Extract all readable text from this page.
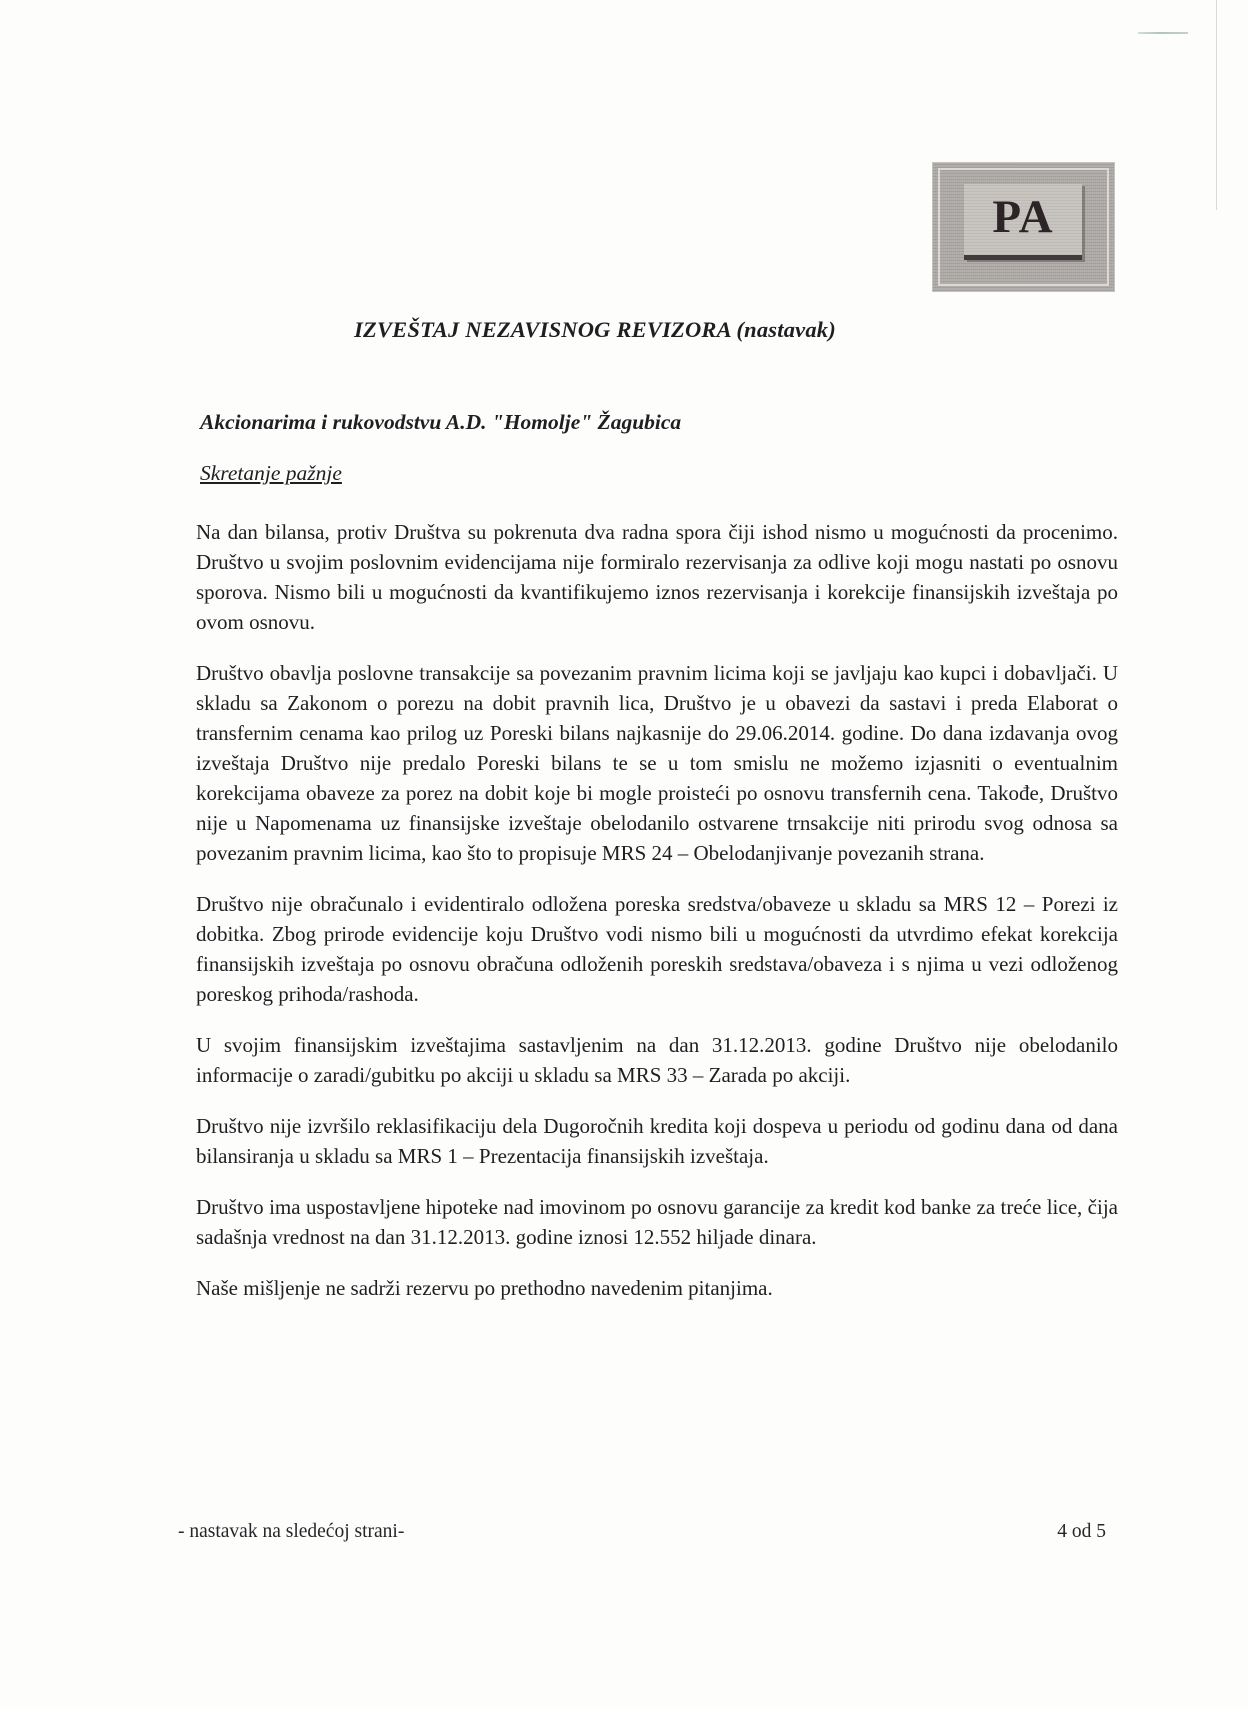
PA
IZVEŠTAJ NEZAVISNOG REVIZORA (nastavak)

Akcionarima i rukovodstvu A.D. "Homolje" Žagubica

Skretanje pažnje

Na dan bilansa, protiv Društva su pokrenuta dva radna spora čiji ishod nismo u mogućnosti da procenimo. Društvo u svojim poslovnim evidencijama nije formiralo rezervisanja za odlive koji mogu nastati po osnovu sporova. Nismo bili u mogućnosti da kvantifikujemo iznos rezervisanja i korekcije finansijskih izveštaja po ovom osnovu.

Društvo obavlja poslovne transakcije sa povezanim pravnim licima koji se javljaju kao kupci i dobavljači. U skladu sa Zakonom o porezu na dobit pravnih lica, Društvo je u obavezi da sastavi i preda Elaborat o transfernim cenama kao prilog uz Poreski bilans najkasnije do 29.06.2014. godine. Do dana izdavanja ovog izveštaja Društvo nije predalo Poreski bilans te se u tom smislu ne možemo izjasniti o eventualnim korekcijama obaveze za porez na dobit koje bi mogle proisteći po osnovu transfernih cena. Takođe, Društvo nije u Napomenama uz finansijske izveštaje obelodanilo ostvarene trnsakcije niti prirodu svog odnosa sa povezanim pravnim licima, kao što to propisuje MRS 24 – Obelodanjivanje povezanih strana.

Društvo nije obračunalo i evidentiralo odložena poreska sredstva/obaveze u skladu sa MRS 12 – Porezi iz dobitka. Zbog prirode evidencije koju Društvo vodi nismo bili u mogućnosti da utvrdimo efekat korekcija finansijskih izveštaja po osnovu obračuna odloženih poreskih sredstava/obaveza i s njima u vezi odloženog poreskog prihoda/rashoda.

U svojim finansijskim izveštajima sastavljenim na dan 31.12.2013. godine Društvo nije obelodanilo informacije o zaradi/gubitku po akciji u skladu sa MRS 33 – Zarada po akciji.

Društvo nije izvršilo reklasifikaciju dela Dugoročnih kredita koji dospeva u periodu od godinu dana od dana bilansiranja u skladu sa MRS 1 – Prezentacija finansijskih izveštaja.

Društvo ima uspostavljene hipoteke nad imovinom po osnovu garancije za kredit kod banke za treće lice, čija sadašnja vrednost na dan 31.12.2013. godine iznosi 12.552 hiljade dinara.

Naše mišljenje ne sadrži rezervu po prethodno navedenim pitanjima.

- nastavak na sledećoj strani-	4 od 5
